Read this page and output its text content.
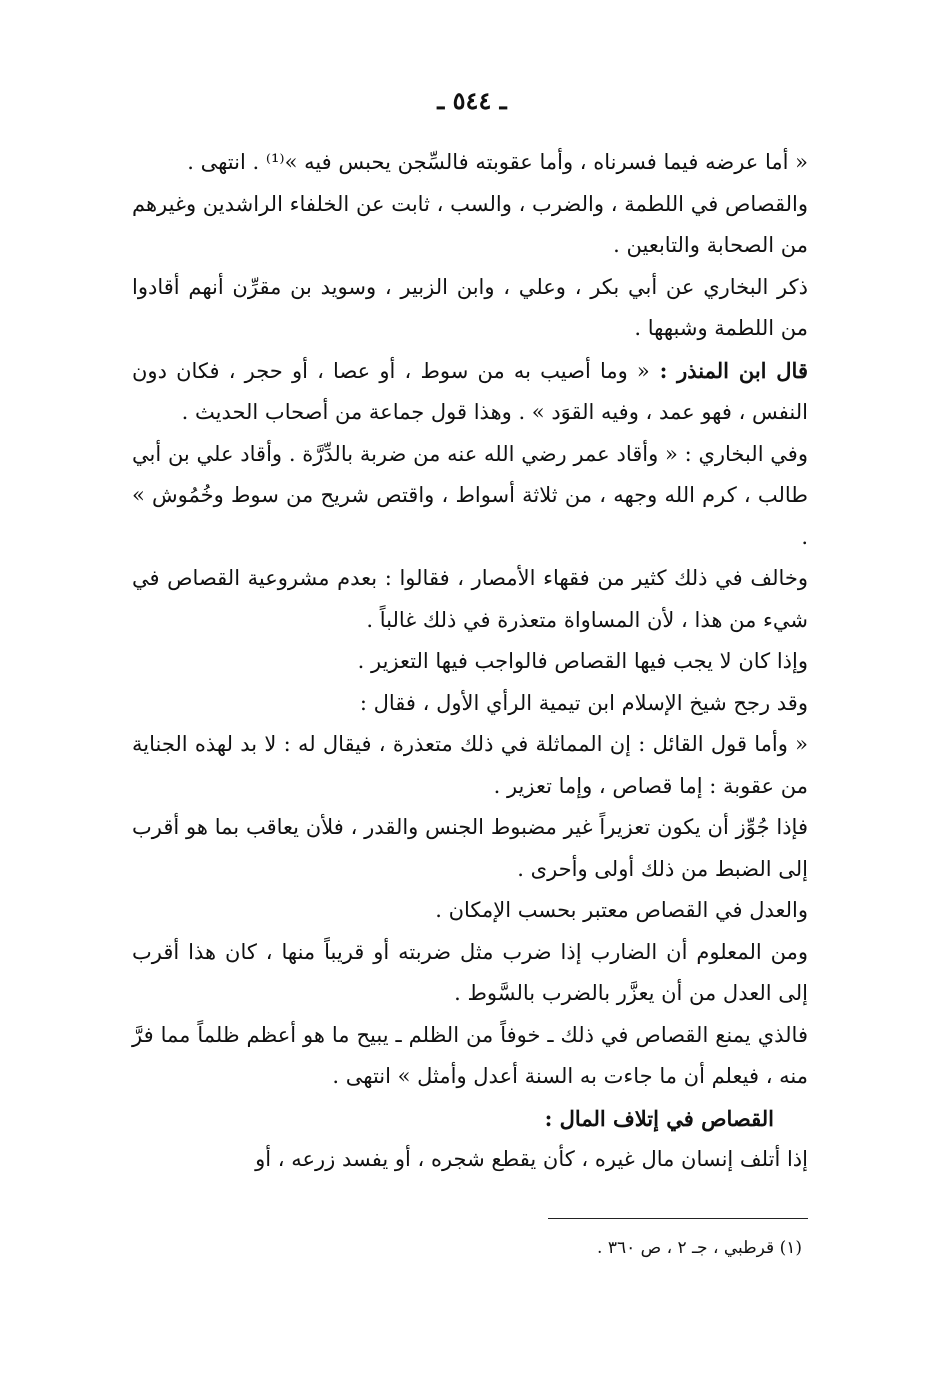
ـ ٥٤٤ ـ

« أما عرضه فيما فسرناه ، وأما عقوبته فالسِّجن يحبس فيه »⁽¹⁾ . انتهى .

والقصاص في اللطمة ، والضرب ، والسب ، ثابت عن الخلفاء الراشدين وغيرهم من الصحابة والتابعين .

ذكر البخاري عن أبي بكر ، وعلي ، وابن الزبير ، وسويد بن مقرِّن أنهم أقادوا من اللطمة وشبهها .

قال ابن المنذر : « وما أصيب به من سوط ، أو عصا ، أو حجر ، فكان دون النفس ، فهو عمد ، وفيه القوَد » . وهذا قول جماعة من أصحاب الحديث .

وفي البخاري : « وأقاد عمر رضي الله عنه من ضربة بالدِّرَّة . وأقاد علي بن أبي طالب ، كرم الله وجهه ، من ثلاثة أسواط ، واقتص شريح من سوط وخُمُوش » .

وخالف في ذلك كثير من فقهاء الأمصار ، فقالوا : بعدم مشروعية القصاص في شيء من هذا ، لأن المساواة متعذرة في ذلك غالباً .

وإذا كان لا يجب فيها القصاص فالواجب فيها التعزير .

وقد رجح شيخ الإسلام ابن تيمية الرأي الأول ، فقال :

« وأما قول القائل : إن المماثلة في ذلك متعذرة ، فيقال له : لا بد لهذه الجناية من عقوبة : إما قصاص ، وإما تعزير .

فإذا جُوِّز أن يكون تعزيراً غير مضبوط الجنس والقدر ، فلأن يعاقب بما هو أقرب إلى الضبط من ذلك أولى وأحرى .

والعدل في القصاص معتبر بحسب الإمكان .

ومن المعلوم أن الضارب إذا ضرب مثل ضربته أو قريباً منها ، كان هذا أقرب إلى العدل من أن يعزَّر بالضرب بالسَّوط .

فالذي يمنع القصاص في ذلك ـ خوفاً من الظلم ـ يبيح ما هو أعظم ظلماً مما فرَّ منه ، فيعلم أن ما جاءت به السنة أعدل وأمثل » انتهى .

القصاص في إتلاف المال :

إذا أتلف إنسان مال غيره ، كأن يقطع شجره ، أو يفسد زرعه ، أو

(١) قرطبي ، جـ ٢ ، ص ٣٦٠ .
